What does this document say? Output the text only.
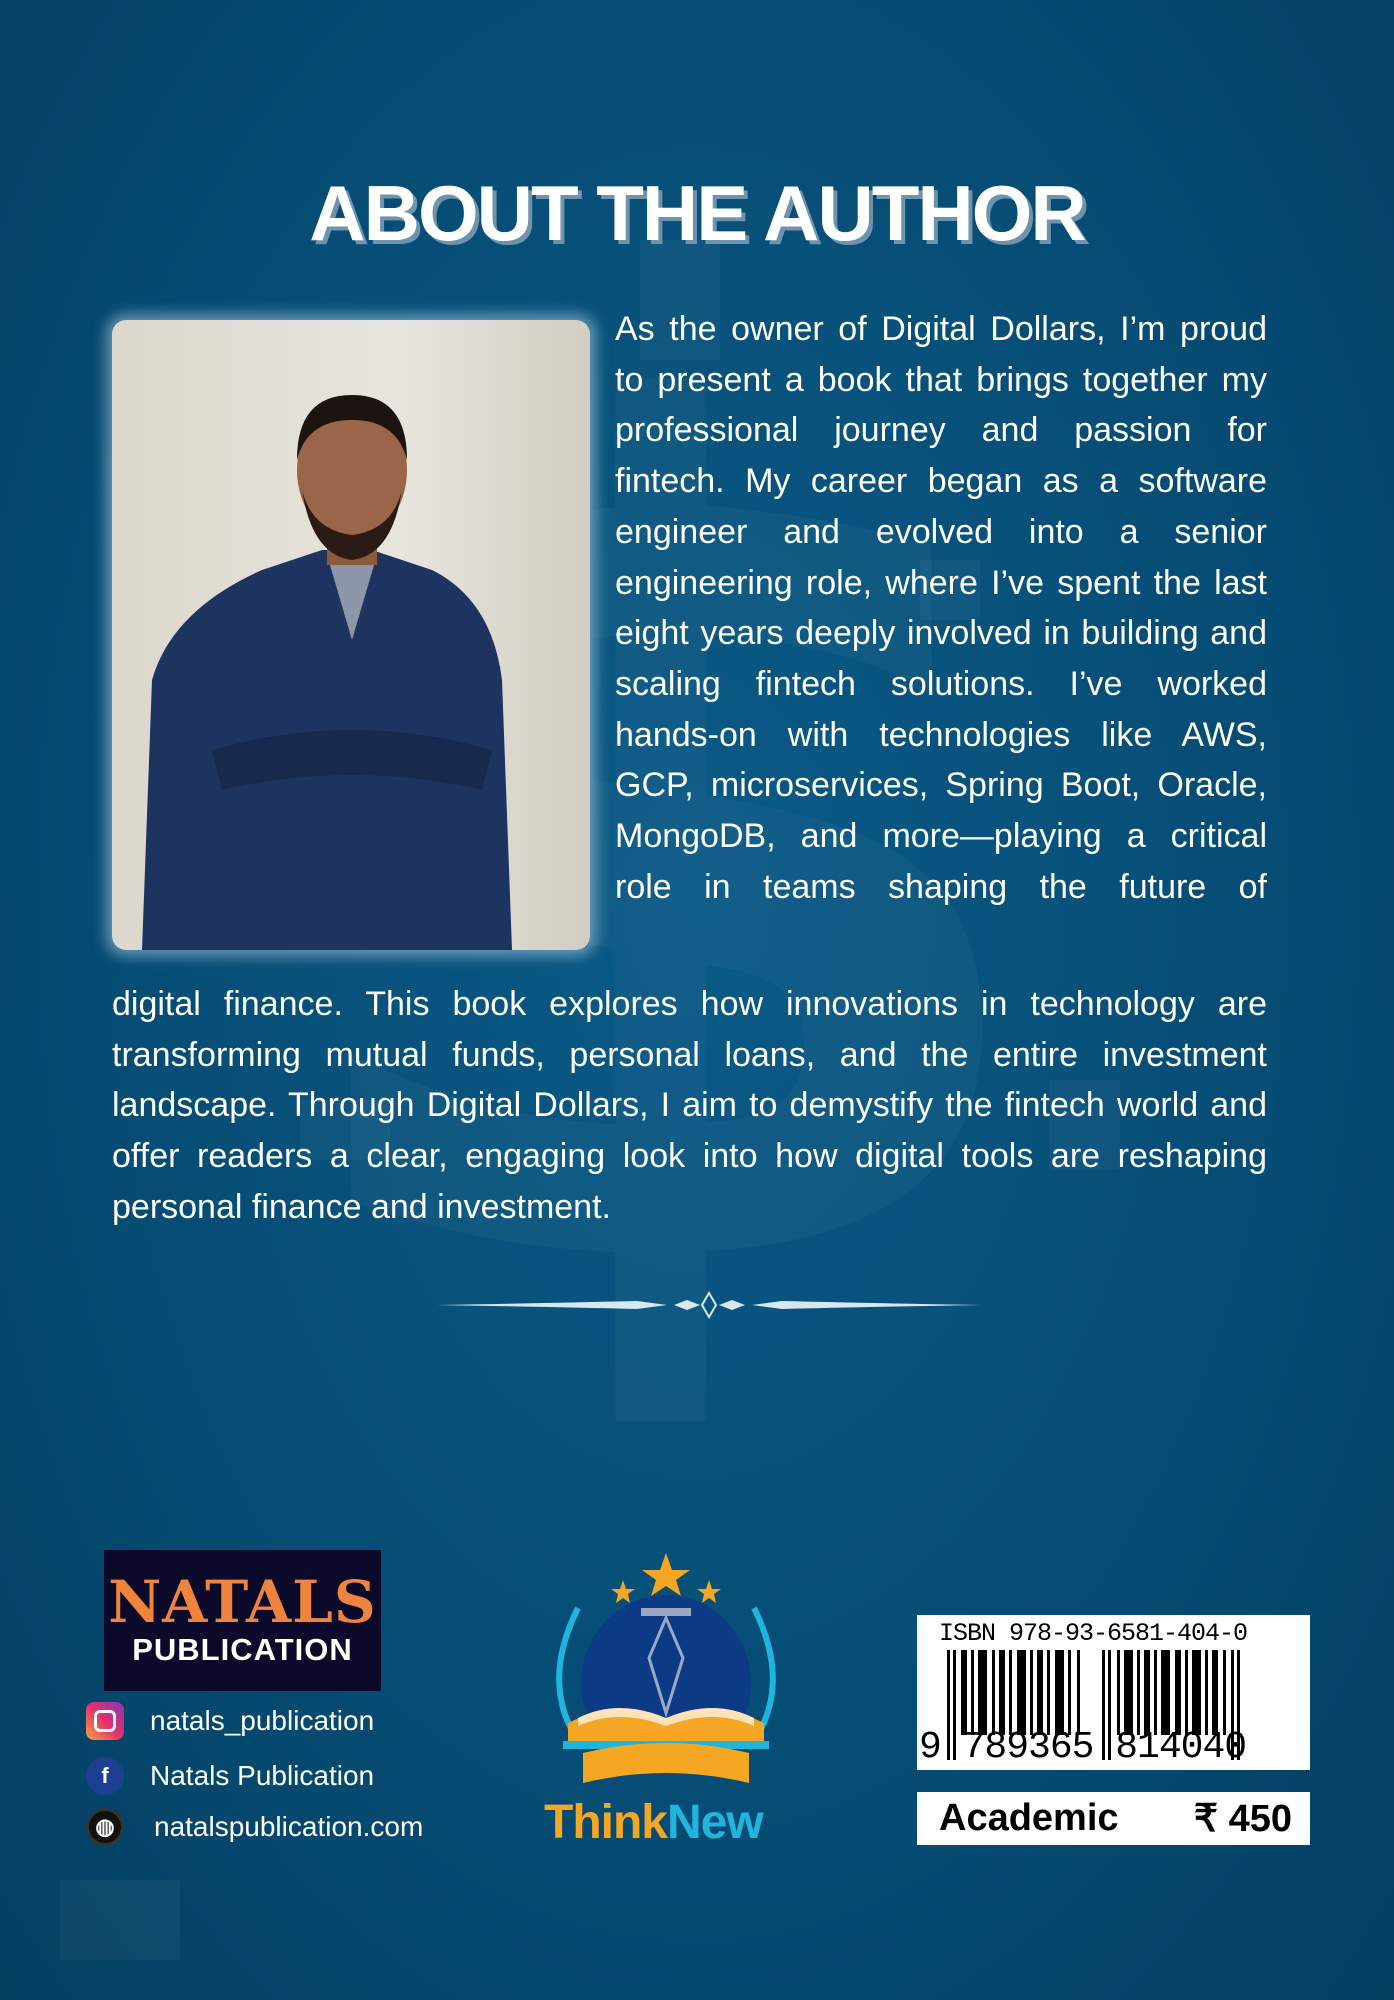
ABOUT THE AUTHOR

As the owner of Digital Dollars, I’m proud to present a book that brings together my professional journey and passion for fintech. My career began as a software engineer and evolved into a senior engineering role, where I’ve spent the last eight years deeply involved in building and scaling fintech solutions. I’ve worked hands-on with technologies like AWS, GCP, microservices, Spring Boot, Oracle, MongoDB, and more—playing a critical role in teams shaping the future of

digital finance. This book explores how innovations in technology are transforming mutual funds, personal loans, and the entire investment landscape. Through Digital Dollars, I aim to demystify the fintech world and offer readers a clear, engaging look into how digital tools are reshaping personal finance and investment.

NATALS
PUBLICATION
natals_publication
f	Natals Publication
◍	natalspublication.com	ThinkNew
ISBN 978-93-6581-404-0
9 789365 814040
Academic ₹ 450
